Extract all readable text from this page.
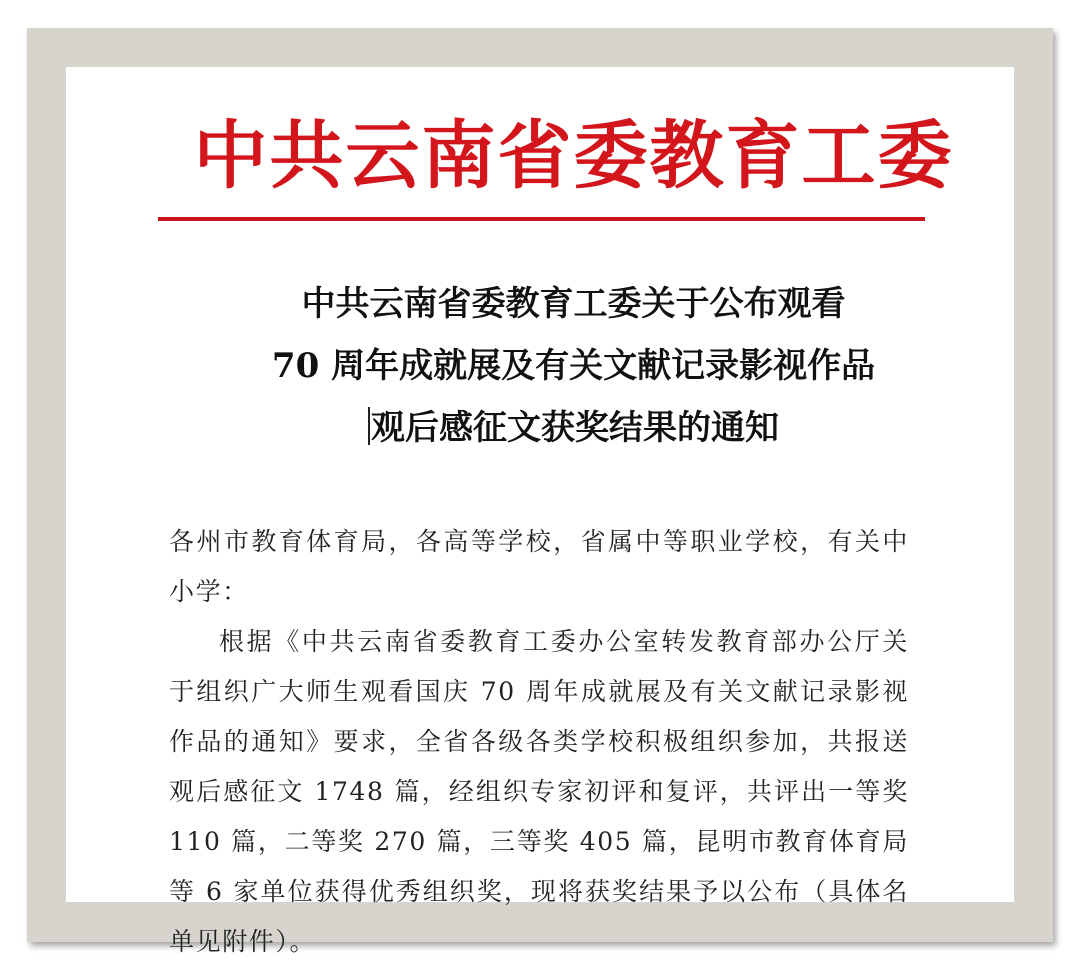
中共云南省委教育工委
中共云南省委教育工委关于公布观看
70 周年成就展及有关文献记录影视作品
观后感征文获奖结果的通知

各州市教育体育局，各高等学校，省属中等职业学校，有关中小学：

根据《中共云南省委教育工委办公室转发教育部办公厅关于组织广大师生观看国庆 70 周年成就展及有关文献记录影视作品的通知》要求，全省各级各类学校积极组织参加，共报送观后感征文 1748 篇，经组织专家初评和复评，共评出一等奖 110 篇，二等奖 270 篇，三等奖 405 篇，昆明市教育体育局等 6 家单位获得优秀组织奖，现将获奖结果予以公布（具体名单见附件）。
